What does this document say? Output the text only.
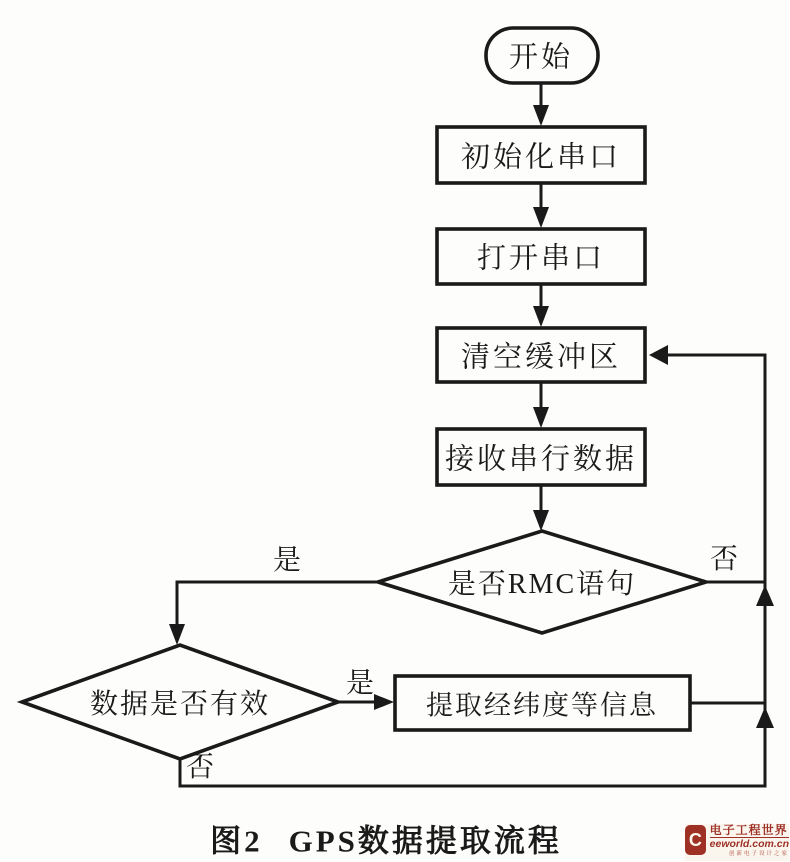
开始
初始化串口
打开串口
清空缓冲区
接收串行数据
是否RMC语句
数据是否有效	提取经纬度等信息
是	否
是
否
图2 GPS数据提取流程	C 电子工程世界
eeworld.com.cn
创新电子设计之家
